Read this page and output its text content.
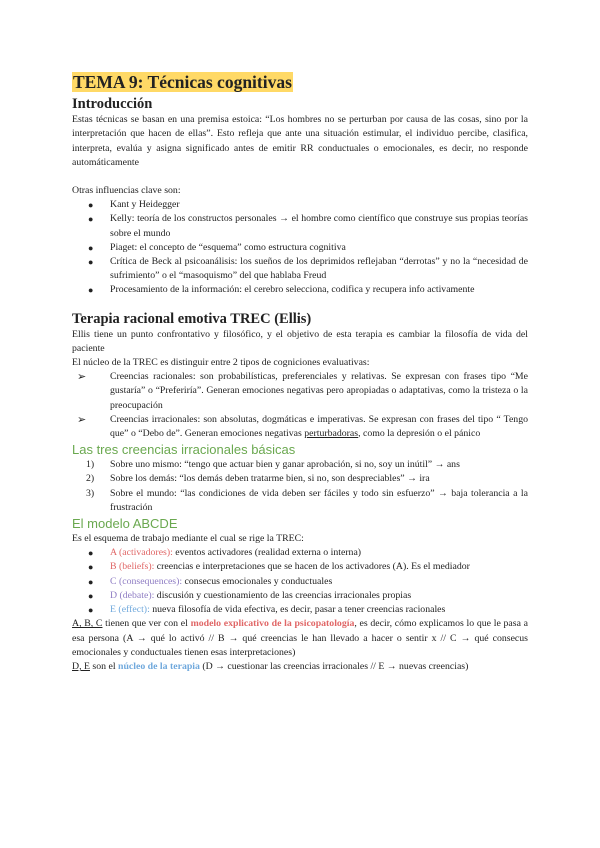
TEMA 9: Técnicas cognitivas
Introducción

Estas técnicas se basan en una premisa estoica: “Los hombres no se perturban por causa de las cosas, sino por la interpretación que hacen de ellas”. Esto refleja que ante una situación estimular, el individuo percibe, clasifica, interpreta, evalúa y asigna significado antes de emitir RR conductuales o emocionales, es decir, no responde automáticamente

Otras influencias clave son:

● Kant y Heidegger
● Kelly: teoría de los constructos personales → el hombre como científico que construye sus propias teorías sobre el mundo
● Piaget: el concepto de “esquema” como estructura cognitiva
● Crítica de Beck al psicoanálisis: los sueños de los deprimidos reflejaban “derrotas” y no la “necesidad de sufrimiento” o el “masoquismo” del que hablaba Freud
● Procesamiento de la información: el cerebro selecciona, codifica y recupera info activamente
Terapia racional emotiva TREC (Ellis)

Ellis tiene un punto confrontativo y filosófico, y el objetivo de esta terapia es cambiar la filosofía de vida del paciente

El núcleo de la TREC es distinguir entre 2 tipos de cogniciones evaluativas:

➢ Creencias racionales: son probabilísticas, preferenciales y relativas. Se expresan con frases tipo “Me gustaría” o “Preferiría”. Generan emociones negativas pero apropiadas o adaptativas, como la tristeza o la preocupación
➢ Creencias irracionales: son absolutas, dogmáticas e imperativas. Se expresan con frases del tipo “ Tengo que” o “Debo de”. Generan emociones negativas perturbadoras, como la depresión o el pánico
Las tres creencias irracionales básicas
1) Sobre uno mismo: “tengo que actuar bien y ganar aprobación, si no, soy un inútil” → ans
2) Sobre los demás: “los demás deben tratarme bien, si no, son despreciables” → ira
3) Sobre el mundo: “las condiciones de vida deben ser fáciles y todo sin esfuerzo” → baja tolerancia a la frustración
El modelo ABCDE

Es el esquema de trabajo mediante el cual se rige la TREC:

● A (activadores): eventos activadores (realidad externa o interna)
● B (beliefs): creencias e interpretaciones que se hacen de los activadores (A). Es el mediador
● C (consequences): consecus emocionales y conductuales
● D (debate): discusión y cuestionamiento de las creencias irracionales propias
● E (effect): nueva filosofía de vida efectiva, es decir, pasar a tener creencias racionales

A, B, C tienen que ver con el modelo explicativo de la psicopatología, es decir, cómo explicamos lo que le pasa a esa persona (A → qué lo activó // B → qué creencias le han llevado a hacer o sentir x // C → qué consecus emocionales y conductuales tienen esas interpretaciones)

D, E son el núcleo de la terapia (D → cuestionar las creencias irracionales // E → nuevas creencias)
